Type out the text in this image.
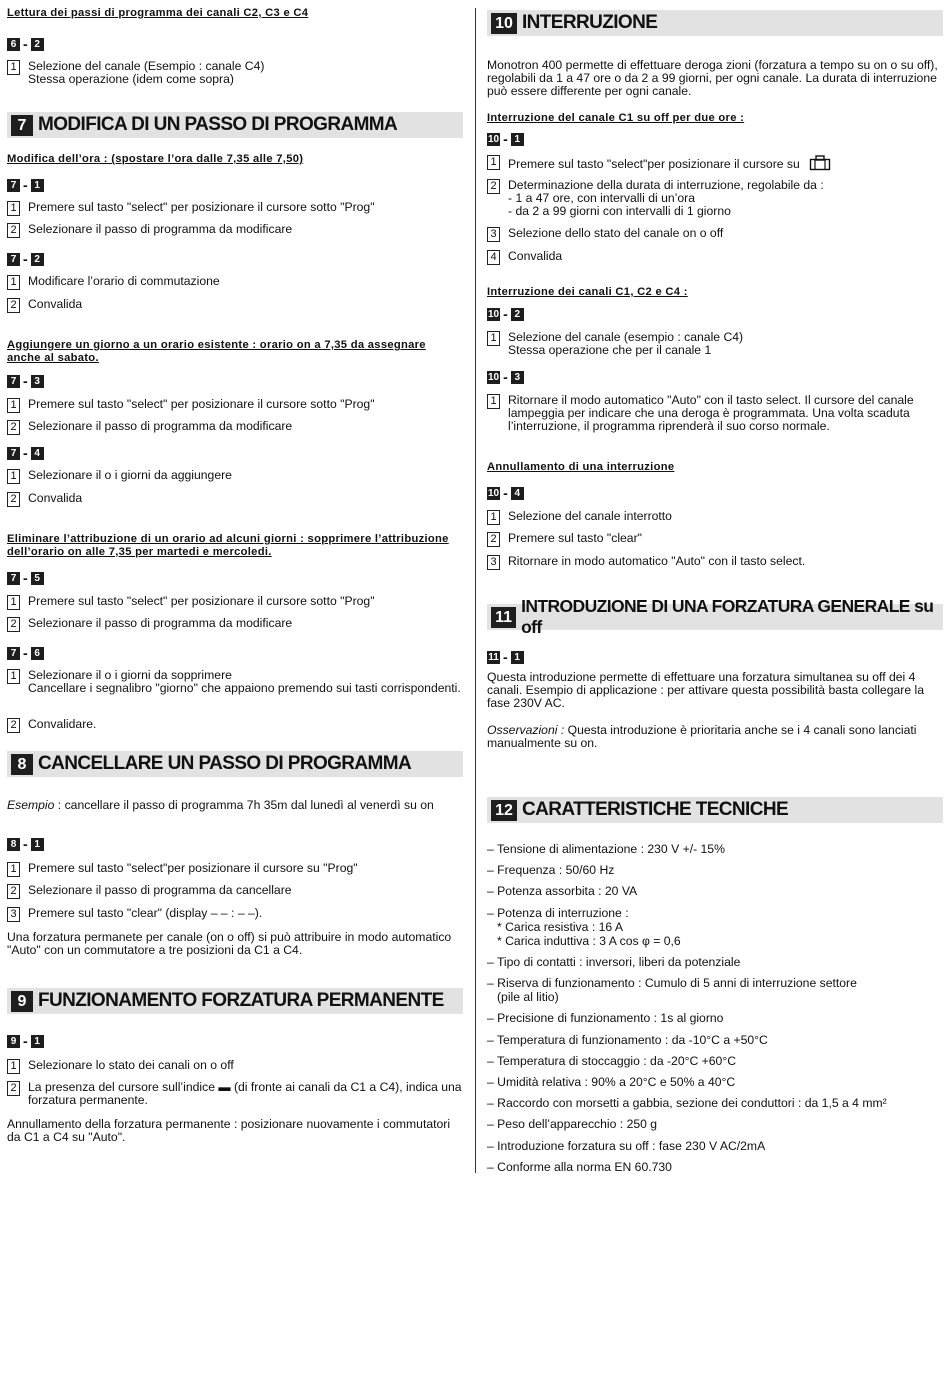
Lettura dei passi di programma dei canali C2, C3 e C4
6 - 2
1 Selezione del canale (Esempio : canale C4)
Stessa operazione (idem come sopra)
7 MODIFICA DI UN PASSO DI PROGRAMMA
Modifica dell’ora : (spostare l’ora dalle 7,35 alle 7,50)
7 - 1
1 Premere sul tasto "select" per posizionare il cursore sotto "Prog"
2 Selezionare il passo di programma da modificare
7 - 2
1 Modificare l’orario di commutazione
2 Convalida
Aggiungere un giorno a un orario esistente : orario on a 7,35 da assegnare anche al sabato.
7 - 3
1 Premere sul tasto "select" per posizionare il cursore sotto "Prog"
2 Selezionare il passo di programma da modificare
7 - 4
1 Selezionare il o i giorni da aggiungere
2 Convalida
Eliminare l’attribuzione di un orario ad alcuni giorni : sopprimere l’attribuzione dell’orario on alle 7,35 per martedi e mercoledi.
7 - 5
1 Premere sul tasto "select" per posizionare il cursore sotto "Prog"
2 Selezionare il passo di programma da modificare
7 - 6
1 Selezionare il o i giorni da sopprimere
Cancellare i segnalibro "giorno" che appaiono premendo sui tasti corrispondenti.
2 Convalidare.
8 CANCELLARE UN PASSO DI PROGRAMMA
Esempio : cancellare il passo di programma 7h 35m dal lunedì al venerdì su on
8 - 1
1 Premere sul tasto "select"per posizionare il cursore su "Prog"
2 Selezionare il passo di programma da cancellare
3 Premere sul tasto "clear" (display – – : – –).
Una forzatura permanete per canale (on o off) si può attribuire in modo automatico "Auto" con un commutatore a tre posizioni da C1 a C4.
9 FUNZIONAMENTO FORZATURA PERMANENTE
9 - 1
1 Selezionare lo stato dei canali on o off
2 La presenza del cursore sull’indice ▬ (di fronte ai canali da C1 a C4), indica una forzatura permanente.
Annullamento della forzatura permanente : posizionare nuovamente i commutatori da C1 a C4 su "Auto".
10 INTERRUZIONE
Monotron 400 permette di effettuare deroga zioni (forzatura a tempo su on o su off), regolabili da 1 a 47 ore o da 2 a 99 giorni, per ogni canale. La durata di interruzione può essere differente per ogni canale.
Interruzione del canale C1 su off per due ore :
10 - 1
1 Premere sul tasto "select"per posizionare il cursore su
2 Determinazione della durata di interruzione, regolabile da :
- 1 a 47 ore, con intervalli di un’ora
- da 2 a 99 giorni con intervalli di 1 giorno
3 Selezione dello stato del canale on o off
4 Convalida
Interruzione dei canali C1, C2 e C4 :
10 - 2
1 Selezione del canale (esempio : canale C4)
Stessa operazione che per il canale 1
10 - 3
1 Ritornare il modo automatico "Auto" con il tasto select. Il cursore del canale lampeggia per indicare che una deroga è programmata. Una volta scaduta l’interruzione, il programma riprenderà il suo corso normale.
Annullamento di una interruzione
10 - 4
1 Selezione del canale interrotto
2 Premere sul tasto "clear"
3 Ritornare in modo automatico "Auto" con il tasto select.
11
INTRODUZIONE DI UNA FORZATURA GENERALE su off
11 - 1
Questa introduzione permette di effettuare una forzatura simultanea su off dei 4 canali. Esempio di applicazione : per attivare questa possibilità basta collegare la fase 230V AC.
Osservazioni : Questa introduzione è prioritaria anche se i 4 canali sono lanciati manualmente su on.
12 CARATTERISTICHE TECNICHE
– Tensione di alimentazione : 230 V +/- 15%
– Frequenza : 50/60 Hz
– Potenza assorbita : 20 VA
– Potenza di interruzione :
* Carica resistiva : 16 A
* Carica induttiva : 3 A cos φ = 0,6
– Tipo di contatti : inversori, liberi da potenziale
– Riserva di funzionamento : Cumulo di 5 anni di interruzione settore
(pile al litio)
– Precisione di funzionamento : 1s al giorno
– Temperatura di funzionamento : da -10°C a +50°C
– Temperatura di stoccaggio : da -20°C +60°C
– Umidità relativa : 90% a 20°C e 50% a 40°C
– Raccordo con morsetti a gabbia, sezione dei conduttori : da 1,5 a 4 mm²
– Peso dell’apparecchio : 250 g
– Introduzione forzatura su off : fase 230 V AC/2mA
– Conforme alla norma EN 60.730
